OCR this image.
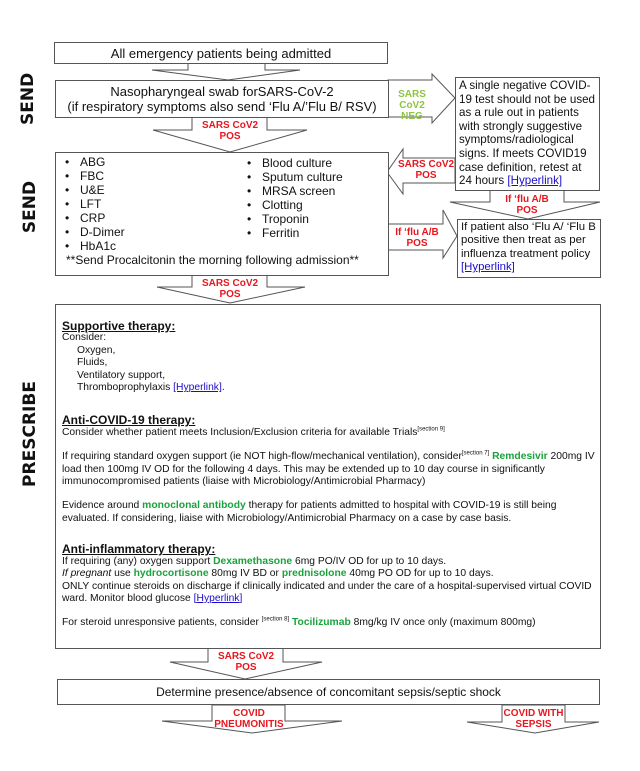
SEND
SEND
PRESCRIBE
All emergency patients being admitted
Nasopharyngeal swab forSARS-CoV-2
(if respiratory symptoms also send ‘Flu A/’Flu B/ RSV)
SARS CoV2
NEG
SARS CoV2
POS
A single negative COVID-19 test should not be used as a rule out in patients with strongly suggestive symptoms/radiological signs. If meets COVID19 case definition, retest at 24 hours [Hyperlink]
SARS CoV2
POS
If ‘flu A/B
POS
If ‘flu A/B
POS
If patient also ‘Flu A/ ‘Flu B positive then treat as per influenza treatment policy [Hyperlink]
• ABG
• FBC
• U&E
• LFT
• CRP
• D-Dimer
• HbA1c
• Blood culture
• Sputum culture
• MRSA screen
• Clotting
• Troponin
• Ferritin
**Send Procalcitonin the morning following admission**
SARS CoV2
POS

Supportive therapy:

Consider:

Oxygen,

Fluids,

Ventilatory support,

Thromboprophylaxis [Hyperlink].

Anti-COVID-19 therapy:

Consider whether patient meets Inclusion/Exclusion criteria for available Trials[section 9]

If requiring standard oxygen support (ie NOT high-flow/mechanical ventilation), consider[section 7] Remdesivir 200mg IV load then 100mg IV OD for the following 4 days. This may be extended up to 10 day course in significantly immunocompromised patients (liaise with Microbiology/Antimicrobial Pharmacy)

Evidence around monoclonal antibody therapy for patients admitted to hospital with COVID-19 is still being evaluated. If considering, liaise with Microbiology/Antimicrobial Pharmacy on a case by case basis.

Anti-inflammatory therapy:

If requiring (any) oxygen support Dexamethasone 6mg PO/IV OD for up to 10 days.

If pregnant use hydrocortisone 80mg IV BD or prednisolone 40mg PO OD for up to 10 days.

ONLY continue steroids on discharge if clinically indicated and under the care of a hospital-supervised virtual COVID ward. Monitor blood glucose [Hyperlink]

For steroid unresponsive patients, consider [section 8] Tocilizumab 8mg/kg IV once only (maximum 800mg)

SARS CoV2
POS
Determine presence/absence of concomitant sepsis/septic shock
COVID
PNEUMONITIS
COVID WITH
SEPSIS
